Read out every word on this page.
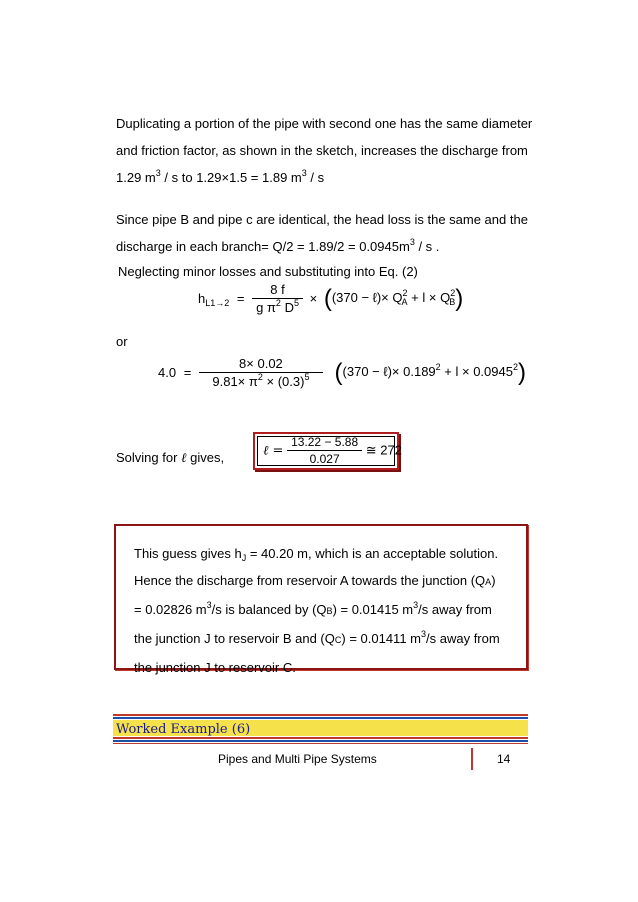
Duplicating a portion of the pipe with second one has the same diameter
and friction factor, as shown in the sketch, increases the discharge from
1.29 $m^3$ / s to 1.29×1.5 = 1.89 $m^3$ / s
Since pipe B and pipe c are identical, the head loss is the same and the
discharge in each branch= $Q/2 = 1.89/2 = 0.0945m^3 / s$ .
Neglecting minor losses and substituting into Eq. (2)
$h_{L1\to 2} = \frac{8 f}{g \pi^2 D^5} \times ((370$ − ℓ)× $Q^2_A + l \times Q^2_B$)
or
$4.0 = \frac{8\times 0.02}{9.81\times \pi^2 \times (0.3)^5} ((370$ − ℓ)× $0.189^2 + l \times 0.0945^2$)
Solving for ℓ gives,	ℓ = $\frac{13.22 - 5.88}{0.027}$ ≅ 272
This guess gives $h_J = 40.20$ m, which is an acceptable solution.
Hence the discharge from reservoir A towards the junction (QA)
= 0.02826 $m^3/s$ is balanced by (QB) = 0.01415 $m^3/s$ away from
the junction J to reservoir B and (QC) = 0.01411 $m^3/s$ away from
the junction J to reservoir C.
Worked Example (6)
Pipes and Multi Pipe Systems	14
